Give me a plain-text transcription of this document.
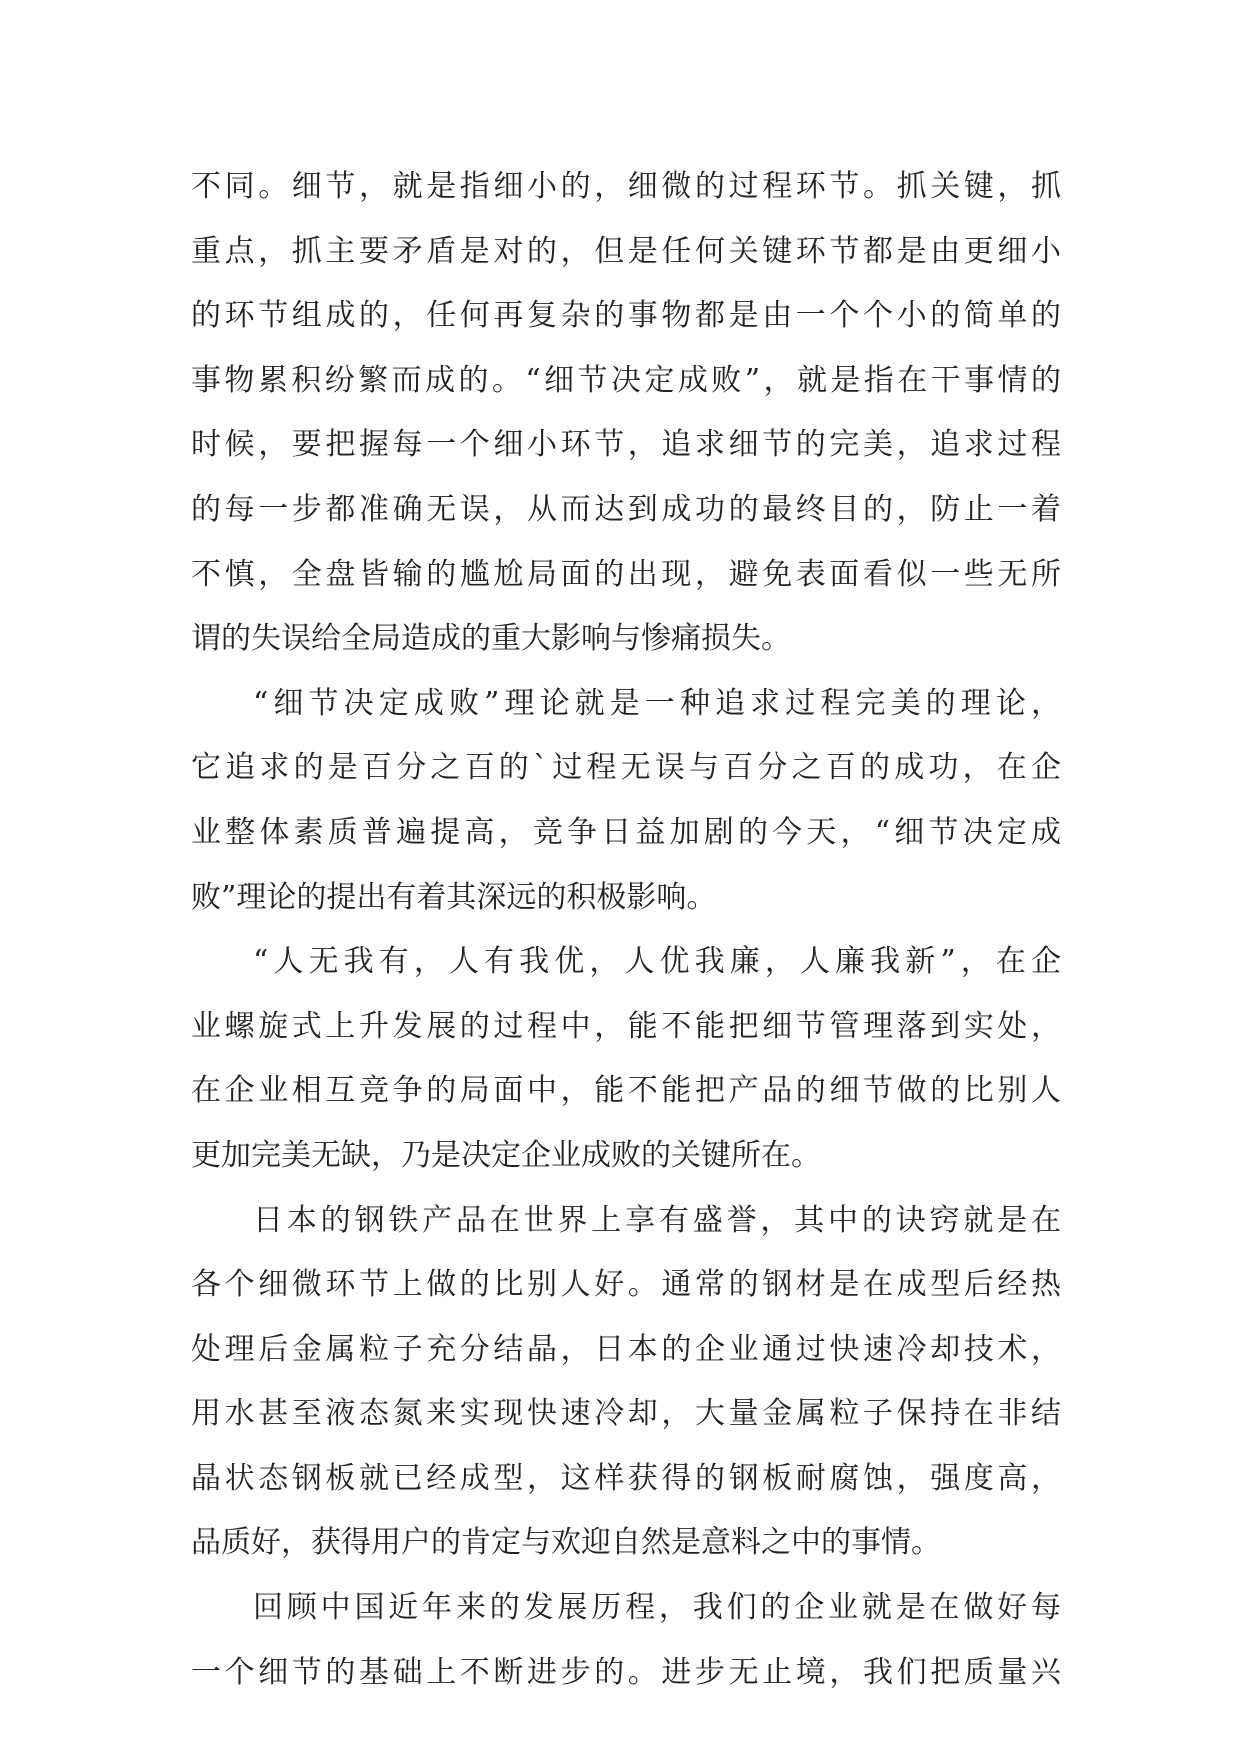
不同。细节，就是指细小的，细微的过程环节。抓关键，抓
重点，抓主要矛盾是对的，但是任何关键环节都是由更细小
的环节组成的，任何再复杂的事物都是由一个个小的简单的
事物累积纷繁而成的。“细节决定成败”，就是指在干事情的
时候，要把握每一个细小环节，追求细节的完美，追求过程
的每一步都准确无误，从而达到成功的最终目的，防止一着
不慎，全盘皆输的尴尬局面的出现，避免表面看似一些无所
谓的失误给全局造成的重大影响与惨痛损失。
“细节决定成败”理论就是一种追求过程完美的理论，
它追求的是百分之百的`过程无误与百分之百的成功，在企
业整体素质普遍提高，竞争日益加剧的今天，“细节决定成
败”理论的提出有着其深远的积极影响。
“人无我有，人有我优，人优我廉，人廉我新”，在企
业螺旋式上升发展的过程中，能不能把细节管理落到实处，
在企业相互竞争的局面中，能不能把产品的细节做的比别人
更加完美无缺，乃是决定企业成败的关键所在。
日本的钢铁产品在世界上享有盛誉，其中的诀窍就是在
各个细微环节上做的比别人好。通常的钢材是在成型后经热
处理后金属粒子充分结晶，日本的企业通过快速冷却技术，
用水甚至液态氮来实现快速冷却，大量金属粒子保持在非结
晶状态钢板就已经成型，这样获得的钢板耐腐蚀，强度高，
品质好，获得用户的肯定与欢迎自然是意料之中的事情。
回顾中国近年来的发展历程，我们的企业就是在做好每
一个细节的基础上不断进步的。进步无止境，我们把质量兴
